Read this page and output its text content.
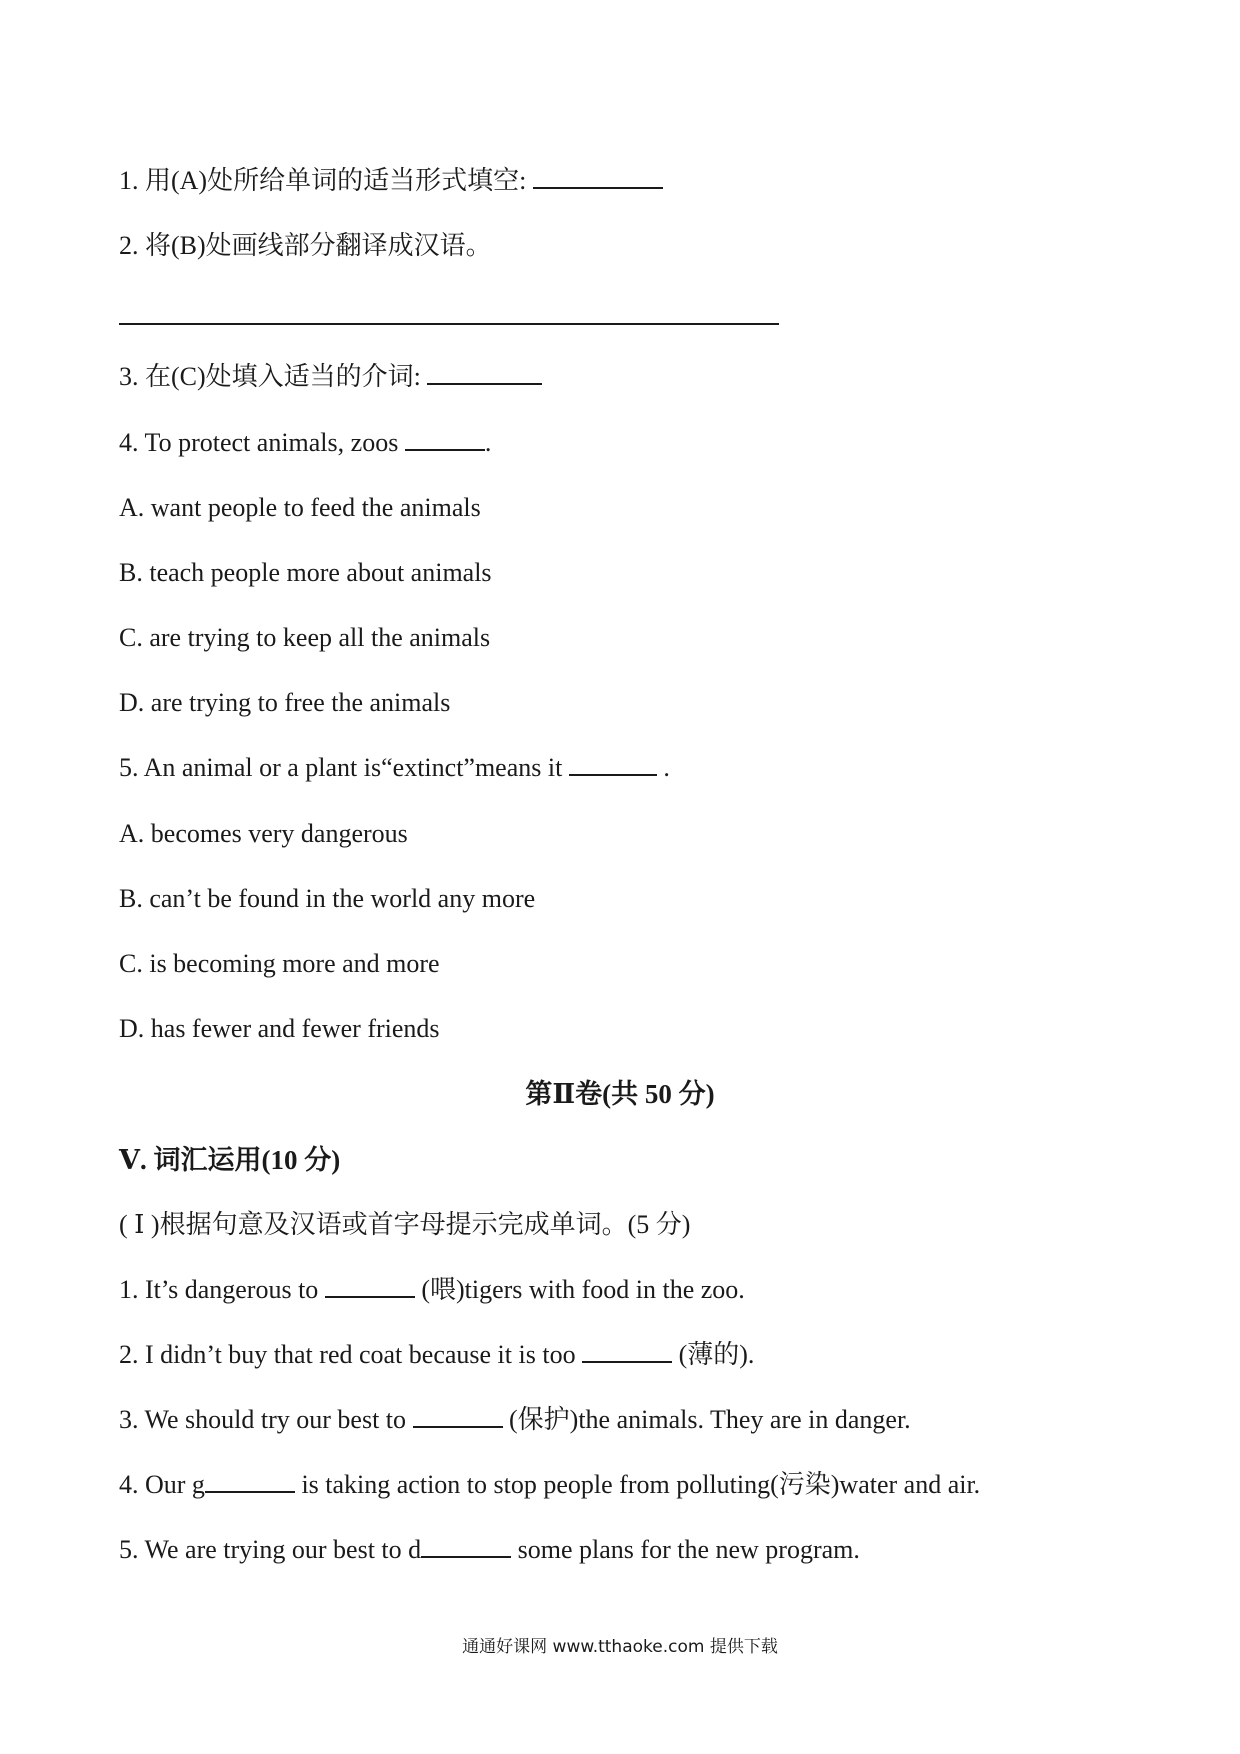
1. 用(A)处所给单词的适当形式填空:
2. 将(B)处画线部分翻译成汉语。
3. 在(C)处填入适当的介词:
4. To protect animals, zoos	.
A. want people to feed the animals
B. teach people more about animals
C. are trying to keep all the animals
D. are trying to free the animals
5. An animal or a plant is“extinct”means it	.
A. becomes very dangerous
B. can’t be found in the world any more
C. is becoming more and more
D. has fewer and fewer friends
第Ⅱ卷(共 50 分)
Ⅴ. 词汇运用(10 分)
( Ⅰ )根据句意及汉语或首字母提示完成单词。(5 分)
1. It’s dangerous to	(喂)tigers with food in the zoo.
2. I didn’t buy that red coat because it is too	(薄的).
3. We should try our best to	(保护)the animals. They are in danger.
4. Our g	is taking action to stop people from polluting(污染)water and air.
5. We are trying our best to d	some plans for the new program.
通通好课网 www.tthaoke.com 提供下载
